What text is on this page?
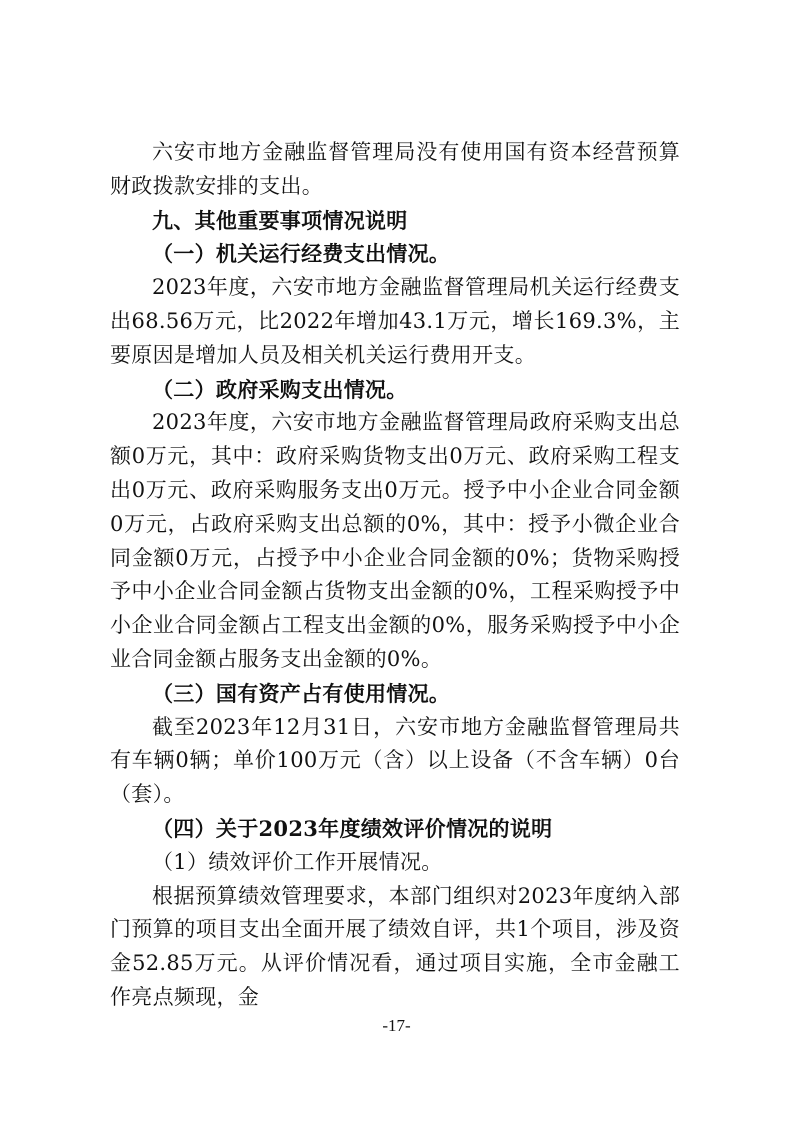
六安市地方金融监督管理局没有使用国有资本经营预算财政拨款安排的支出。

九、其他重要事项情况说明

（一）机关运行经费支出情况。

2023年度，六安市地方金融监督管理局机关运行经费支出68.56万元，比2022年增加43.1万元，增长169.3%，主要原因是增加人员及相关机关运行费用开支。

（二）政府采购支出情况。

2023年度，六安市地方金融监督管理局政府采购支出总额0万元，其中：政府采购货物支出0万元、政府采购工程支出0万元、政府采购服务支出0万元。授予中小企业合同金额0万元，占政府采购支出总额的0%，其中：授予小微企业合同金额0万元，占授予中小企业合同金额的0%；货物采购授予中小企业合同金额占货物支出金额的0%，工程采购授予中小企业合同金额占工程支出金额的0%，服务采购授予中小企业合同金额占服务支出金额的0%。

（三）国有资产占有使用情况。

截至2023年12月31日，六安市地方金融监督管理局共有车辆0辆；单价100万元（含）以上设备（不含车辆）0台（套）。

（四）关于2023年度绩效评价情况的说明

（1）绩效评价工作开展情况。

根据预算绩效管理要求，本部门组织对2023年度纳入部门预算的项目支出全面开展了绩效自评，共1个项目，涉及资金52.85万元。从评价情况看，通过项目实施，全市金融工作亮点频现，金

-17-
